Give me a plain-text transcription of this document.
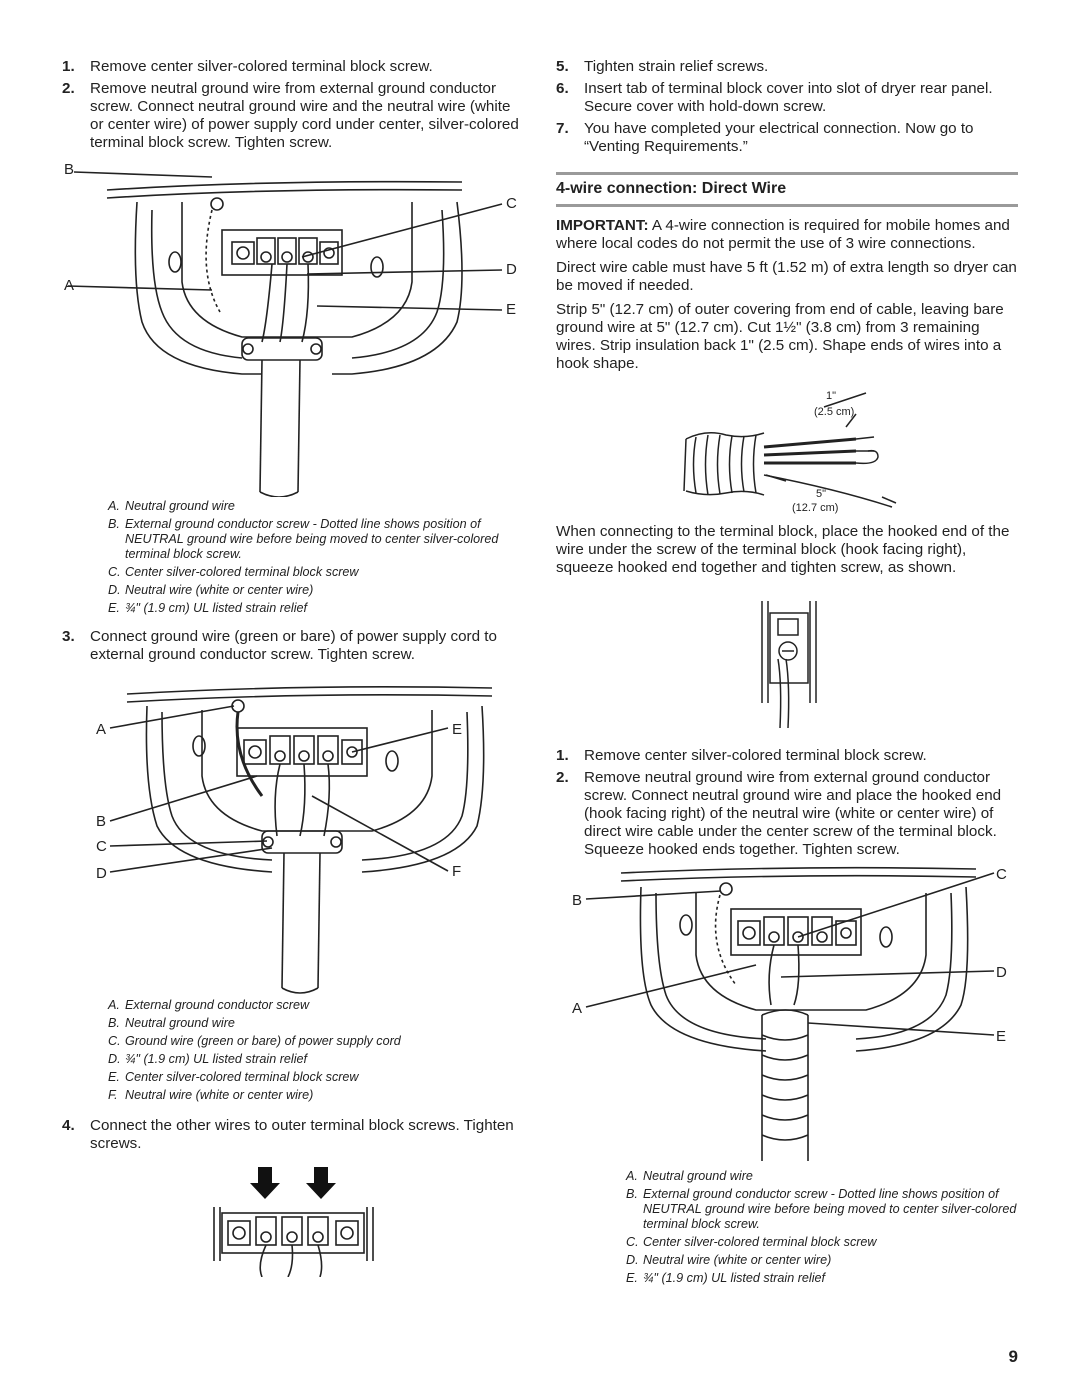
1. Remove center silver-colored terminal block screw.
2. Remove neutral ground wire from external ground conductor screw. Connect neutral ground wire and the neutral wire (white or center wire) of power supply cord under center, silver-colored terminal block screw. Tighten screw.
B
A
C
D
E
A. Neutral ground wire
B. External ground conductor screw - Dotted line shows position of NEUTRAL ground wire before being moved to center silver-colored terminal block screw.
C. Center silver-colored terminal block screw
D. Neutral wire (white or center wire)
E. ¾" (1.9 cm) UL listed strain relief
3. Connect ground wire (green or bare) of power supply cord to external ground conductor screw. Tighten screw.
A
B
C
D
E
F
A. External ground conductor screw
B. Neutral ground wire
C. Ground wire (green or bare) of power supply cord
D. ¾" (1.9 cm) UL listed strain relief
E. Center silver-colored terminal block screw
F. Neutral wire (white or center wire)
4. Connect the other wires to outer terminal block screws. Tighten screws.
5. Tighten strain relief screws.
6. Insert tab of terminal block cover into slot of dryer rear panel. Secure cover with hold-down screw.
7. You have completed your electrical connection. Now go to “Venting Requirements.”
4-wire connection: Direct Wire

IMPORTANT: A 4-wire connection is required for mobile homes and where local codes do not permit the use of 3 wire connections.

Direct wire cable must have 5 ft (1.52 m) of extra length so dryer can be moved if needed.

Strip 5" (12.7 cm) of outer covering from end of cable, leaving bare ground wire at 5" (12.7 cm). Cut 1½" (3.8 cm) from 3 remaining wires. Strip insulation back 1" (2.5 cm). Shape ends of wires into a hook shape.

1"
(2.5 cm)
5"
(12.7 cm)

When connecting to the terminal block, place the hooked end of the wire under the screw of the terminal block (hook facing right), squeeze hooked end together and tighten screw, as shown.

1. Remove center silver-colored terminal block screw.
2. Remove neutral ground wire from external ground conductor screw. Connect neutral ground wire and place the hooked end (hook facing right) of the neutral wire (white or center wire) of direct wire cable under the center screw of the terminal block. Squeeze hooked ends together. Tighten screw.
B
A
C
D
E
A. Neutral ground wire
B. External ground conductor screw - Dotted line shows position of NEUTRAL ground wire before being moved to center silver-colored terminal block screw.
C. Center silver-colored terminal block screw
D. Neutral wire (white or center wire)
E. ¾" (1.9 cm) UL listed strain relief
9
